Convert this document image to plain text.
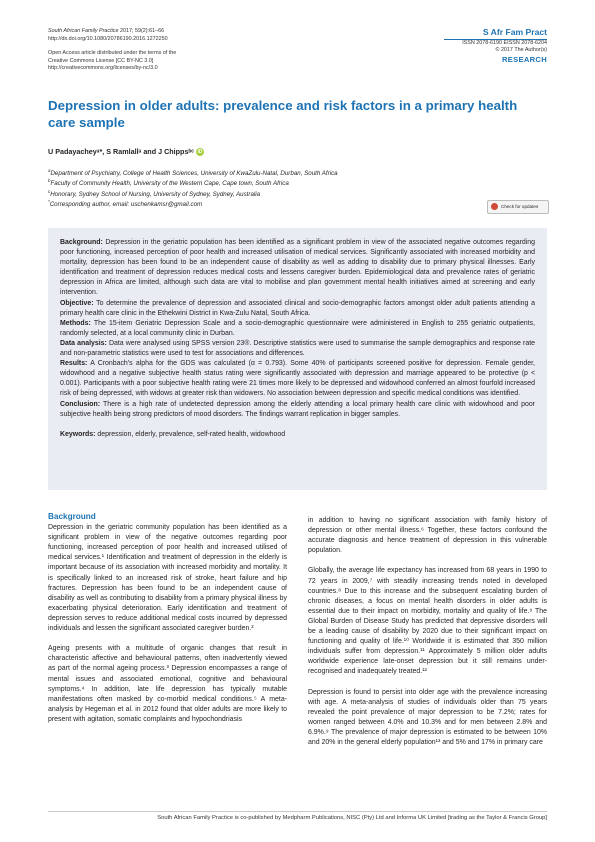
South African Family Practice 2017; 59(2):61–66
http://dx.doi.org/10.1080/20786190.2016.1272250
Open Access article distributed under the terms of the
Creative Commons License [CC BY-NC 3.0]
http://creativecommons.org/licenses/by-nc/3.0
S Afr Fam Pract
ISSN 2078-6190 EISSN 2078-6204
© 2017 The Author(s)
RESEARCH
Depression in older adults: prevalence and risk factors in a primary health care sample
U Padayacheyᵃ*, S Ramlallᵃ and J Chippsᵇᶜ iD
$^a$Department of Psychiatry, College of Health Sciences, University of KwaZulu-Natal, Durban, South Africa
$^b$Faculty of Community Health, University of the Western Cape, Cape town, South Africa
$^c$Honorary, Sydney School of Nursing, University of Sydney, Sydney, Australia
*Corresponding author, email: uschenkamsr@gmail.com	Check for updates

Background: Depression in the geriatric population has been identified as a significant problem in view of the associated negative outcomes regarding poor functioning, increased perception of poor health and increased utilisation of medical services. Significantly associated with increased morbidity and mortality, depression has been found to be an independent cause of disability as well as adding to disability due to primary physical illnesses. Early identification and treatment of depression reduces medical costs and lessens caregiver burden. Epidemiological data and prevalence rates of geriatric depression in Africa are limited, although such data are vital to mobilise and plan government mental health initiatives aimed at screening and early intervention.

Objective: To determine the prevalence of depression and associated clinical and socio-demographic factors amongst older adult patients attending a primary health care clinic in the Ethekwini District in Kwa-Zulu Natal, South Africa.

Methods: The 15-item Geriatric Depression Scale and a socio-demographic questionnaire were administered in English to 255 geriatric outpatients, randomly selected, at a local community clinic in Durban.

Data analysis: Data were analysed using SPSS version 23®. Descriptive statistics were used to summarise the sample demographics and response rate and non-parametric statistics were used to test for associations and differences.

Results: A Cronbach's alpha for the GDS was calculated (α = 0.793). Some 40% of participants screened positive for depression. Female gender, widowhood and a negative subjective health status rating were significantly associated with depression and marriage appeared to be protective (p < 0.001). Participants with a poor subjective health rating were 21 times more likely to be depressed and widowhood conferred an almost fourfold increased risk of being depressed, with widows at greater risk than widowers. No association between depression and specific medical conditions was identified.

Conclusion: There is a high rate of undetected depression among the elderly attending a local primary health care clinic with widowhood and poor subjective health being strong predictors of mood disorders. The findings warrant replication in bigger samples.

Keywords: depression, elderly, prevalence, self-rated health, widowhood

Background

Depression in the geriatric community population has been identified as a significant problem in view of the negative outcomes regarding poor functioning, increased perception of poor health and increased utilised of medical services.¹ Identification and treatment of depression in the elderly is important because of its association with increased morbidity and mortality. It is specifically linked to an increased risk of stroke, heart failure and hip fractures. Depression has been found to be an independent cause of disability as well as contributing to disability from a primary physical illness by exacerbating physical deterioration. Early identification and treatment of depression serves to reduce additional medical costs incurred by depressed individuals and lessen the significant associated caregiver burden.²

Ageing presents with a multitude of organic changes that result in characteristic affective and behavioural patterns, often inadvertently viewed as part of the normal ageing process.³ Depression encompasses a range of mental issues and associated emotional, cognitive and behavioural symptoms.⁴ In addition, late life depression has typically mutable manifestations often masked by co-morbid medical conditions.⁵ A meta-analysis by Hegeman et al. in 2012 found that older adults are more likely to present with agitation, somatic complaints and hypochondriasis

in addition to having no significant association with family history of depression or other mental illness.⁶ Together, these factors confound the accurate diagnosis and hence treatment of depression in this vulnerable population.

Globally, the average life expectancy has increased from 68 years in 1990 to 72 years in 2009,⁷ with steadily increasing trends noted in developed countries.⁸ Due to this increase and the subsequent escalating burden of chronic diseases, a focus on mental health disorders in older adults is essential due to their impact on morbidity, mortality and quality of life.⁹ The Global Burden of Disease Study has predicted that depressive disorders will be a leading cause of disability by 2020 due to their significant impact on functioning and quality of life.¹⁰ Worldwide it is estimated that 350 million individuals suffer from depression.¹¹ Approximately 5 million older adults worldwide experience late-onset depression but it still remains under-recognised and inadequately treated.¹²

Depression is found to persist into older age with the prevalence increasing with age. A meta-analysis of studies of individuals older than 75 years revealed the point prevalence of major depression to be 7.2%; rates for women ranged between 4.0% and 10.3% and for men between 2.8% and 6.9%.⁹ The prevalence of major depression is estimated to be between 10% and 20% in the general elderly population¹³ and 5% and 17% in primary care

South African Family Practice is co-published by Medpharm Publications, NISC (Pty) Ltd and Informa UK Limited [trading as the Taylor & Francis Group]
